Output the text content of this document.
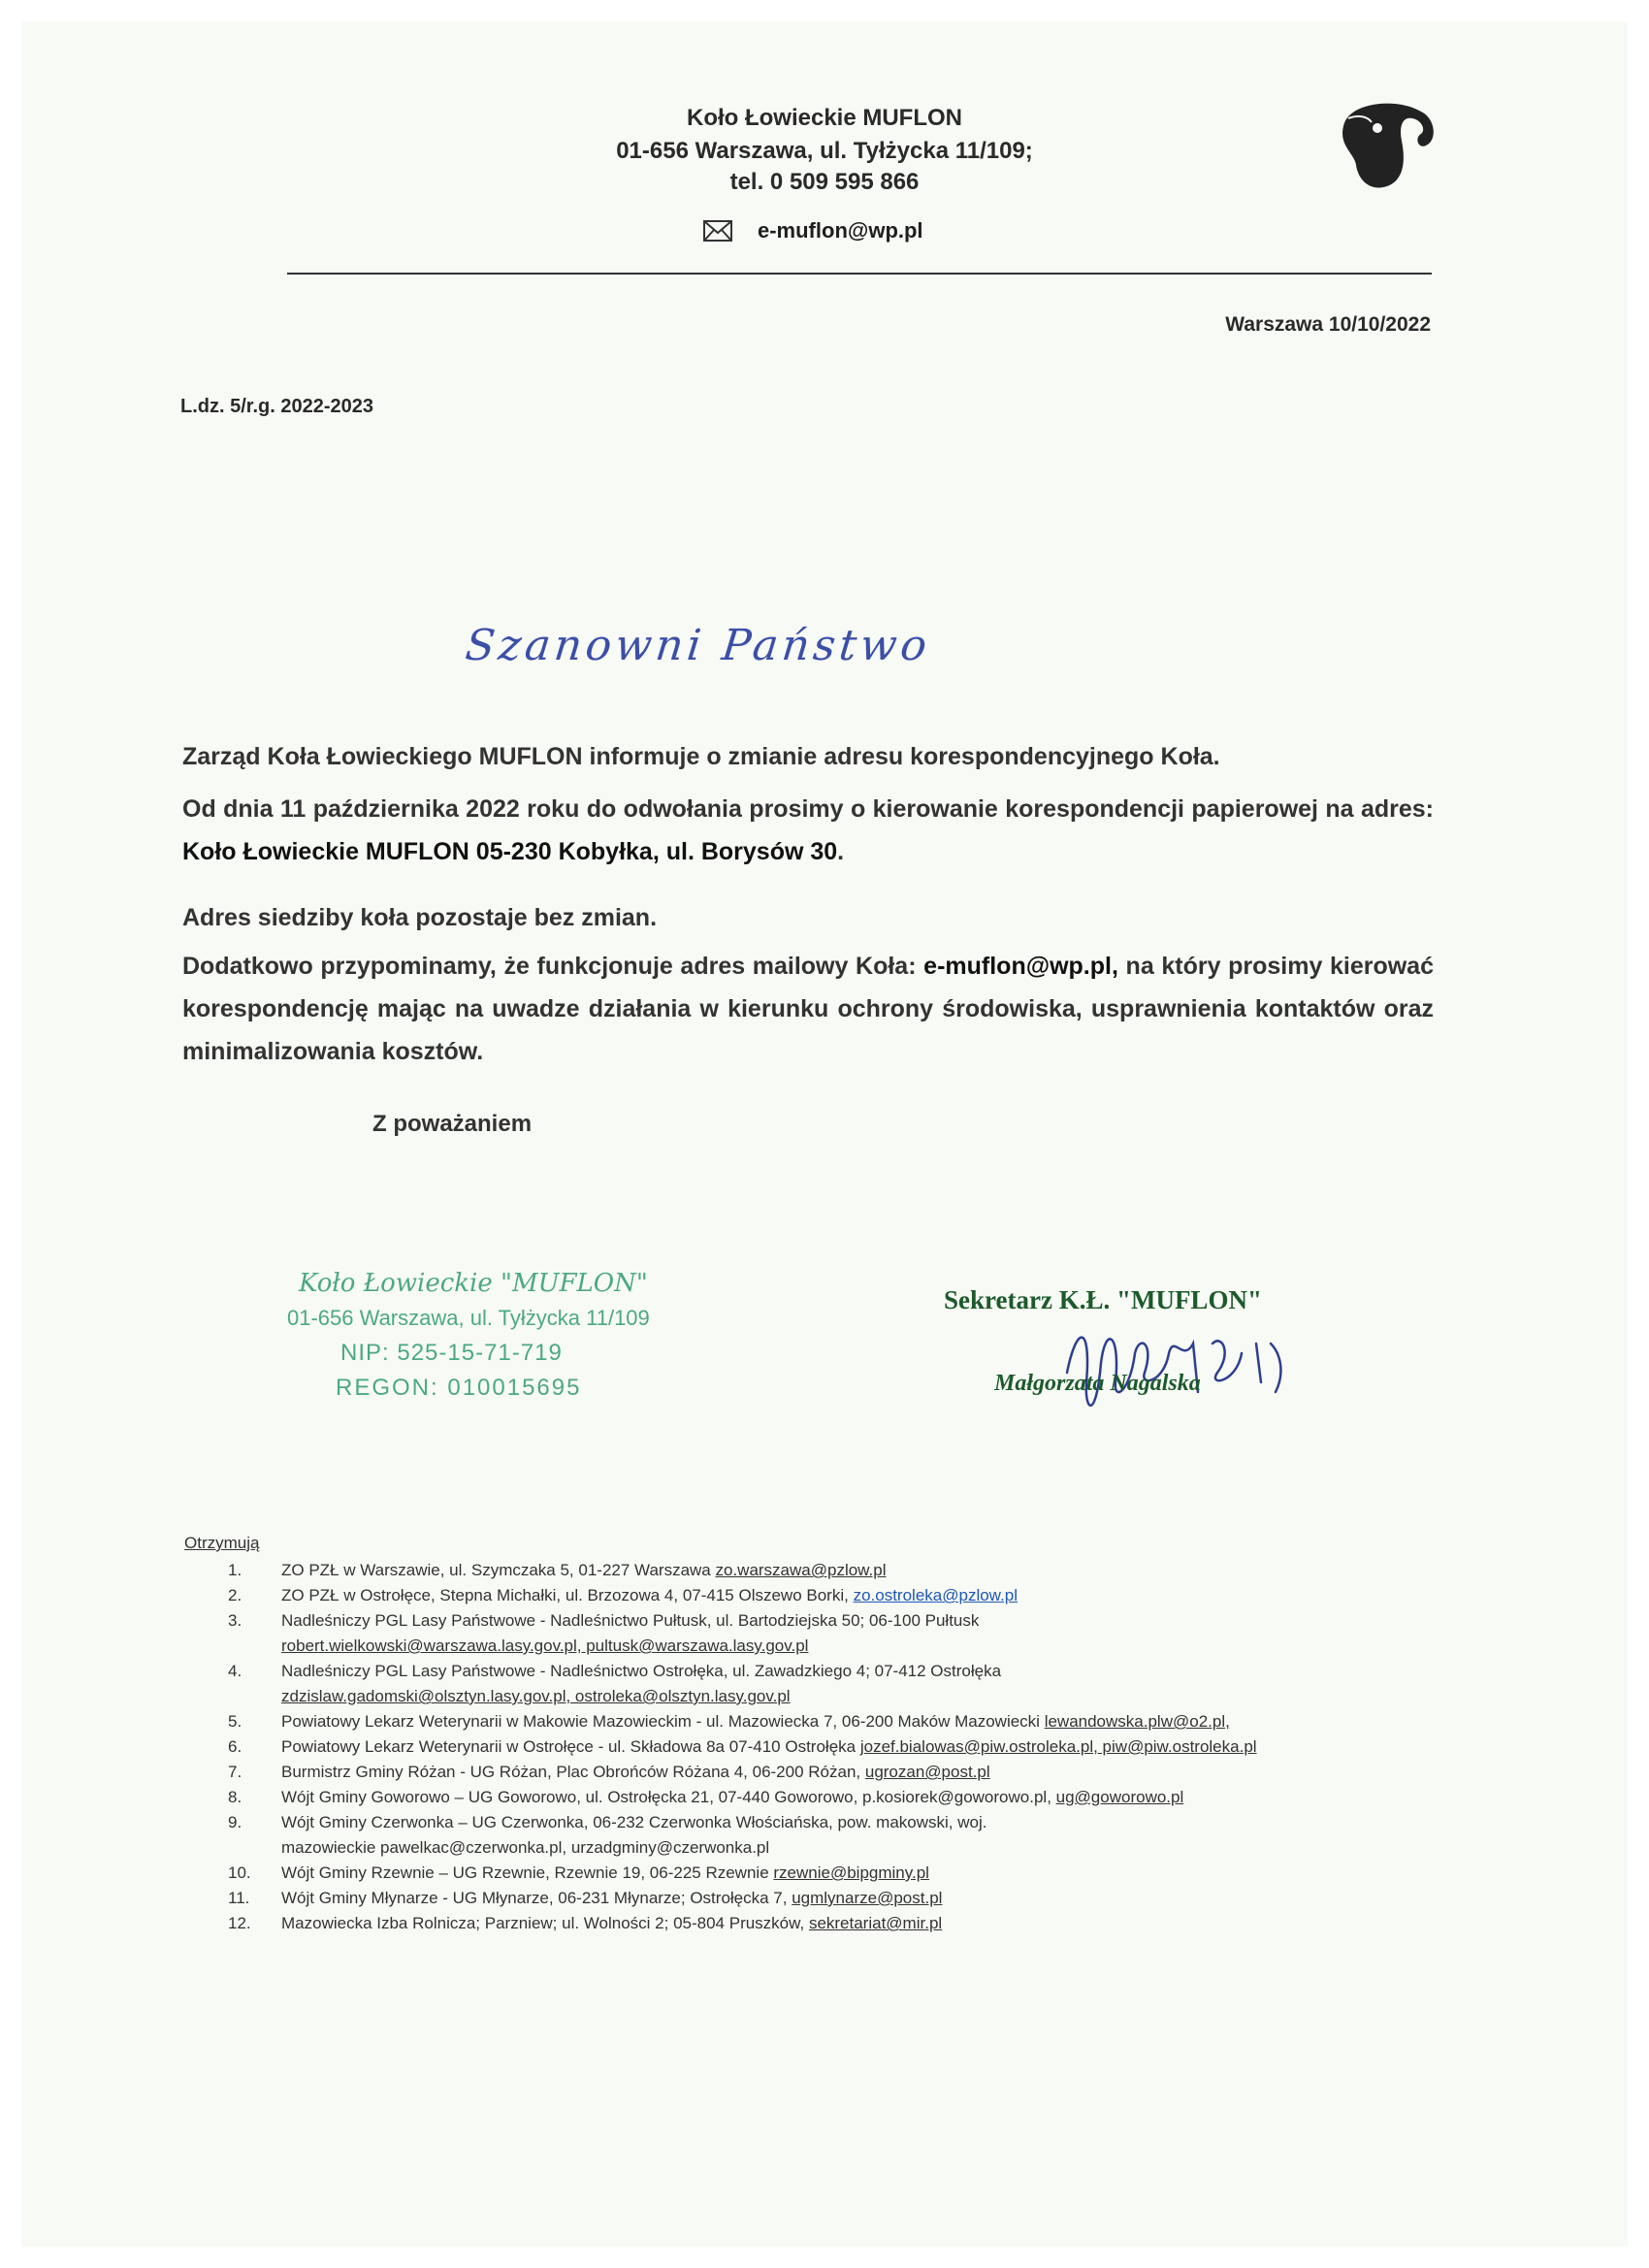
Koło Łowieckie MUFLON
01-656 Warszawa, ul. Tyłżycka 11/109;
tel. 0 509 595 866
e-muflon@wp.pl
Warszawa 10/10/2022
L.dz. 5/r.g. 2022-2023
Szanowni Państwo
Zarząd Koła Łowieckiego MUFLON informuje o zmianie adresu korespondencyjnego Koła.
Od dnia 11 października 2022 roku do odwołania prosimy o kierowanie korespondencji papierowej na adres: Koło Łowieckie MUFLON 05-230 Kobyłka, ul. Borysów 30.
Adres siedziby koła pozostaje bez zmian.
Dodatkowo przypominamy, że funkcjonuje adres mailowy Koła: e-muflon@wp.pl, na który prosimy kierować korespondencję mając na uwadze działania w kierunku ochrony środowiska, usprawnienia kontaktów oraz minimalizowania kosztów.
Z poważaniem
Koło Łowieckie "MUFLON"
01-656 Warszawa, ul. Tyłżycka 11/109
NIP: 525-15-71-719
REGON: 010015695
Sekretarz K.Ł. "MUFLON"
Małgorzata Nagalska
Otrzymują
1.	ZO PZŁ w Warszawie, ul. Szymczaka 5, 01-227 Warszawa zo.warszawa@pzlow.pl
2.	ZO PZŁ w Ostrołęce, Stepna Michałki, ul. Brzozowa 4, 07-415 Olszewo Borki, zo.ostroleka@pzlow.pl
3.	Nadleśniczy PGL Lasy Państwowe - Nadleśnictwo Pułtusk, ul. Bartodziejska 50; 06-100 Pułtusk
robert.wielkowski@warszawa.lasy.gov.pl, pultusk@warszawa.lasy.gov.pl
4.	Nadleśniczy PGL Lasy Państwowe - Nadleśnictwo Ostrołęka, ul. Zawadzkiego 4; 07-412 Ostrołęka
zdzislaw.gadomski@olsztyn.lasy.gov.pl, ostroleka@olsztyn.lasy.gov.pl
5.	Powiatowy Lekarz Weterynarii w Makowie Mazowieckim - ul. Mazowiecka 7, 06-200 Maków Mazowiecki lewandowska.plw@o2.pl,
6.	Powiatowy Lekarz Weterynarii w Ostrołęce - ul. Składowa 8a 07-410 Ostrołęka jozef.bialowas@piw.ostroleka.pl, piw@piw.ostroleka.pl
7.	Burmistrz Gminy Różan - UG Różan, Plac Obrońców Różana 4, 06-200 Różan, ugrozan@post.pl
8.	Wójt Gminy Goworowo – UG Goworowo, ul. Ostrołęcka 21, 07-440 Goworowo, p.kosiorek@goworowo.pl, ug@goworowo.pl
9.	Wójt Gminy Czerwonka – UG Czerwonka, 06-232 Czerwonka Włościańska, pow. makowski, woj.
mazowieckie pawelkac@czerwonka.pl, urzadgminy@czerwonka.pl
10.	Wójt Gminy Rzewnie – UG Rzewnie, Rzewnie 19, 06-225 Rzewnie rzewnie@bipgminy.pl
11.	Wójt Gminy Młynarze - UG Młynarze, 06-231 Młynarze; Ostrołęcka 7, ugmlynarze@post.pl
12.	Mazowiecka Izba Rolnicza; Parzniew; ul. Wolności 2; 05-804 Pruszków, sekretariat@mir.pl
